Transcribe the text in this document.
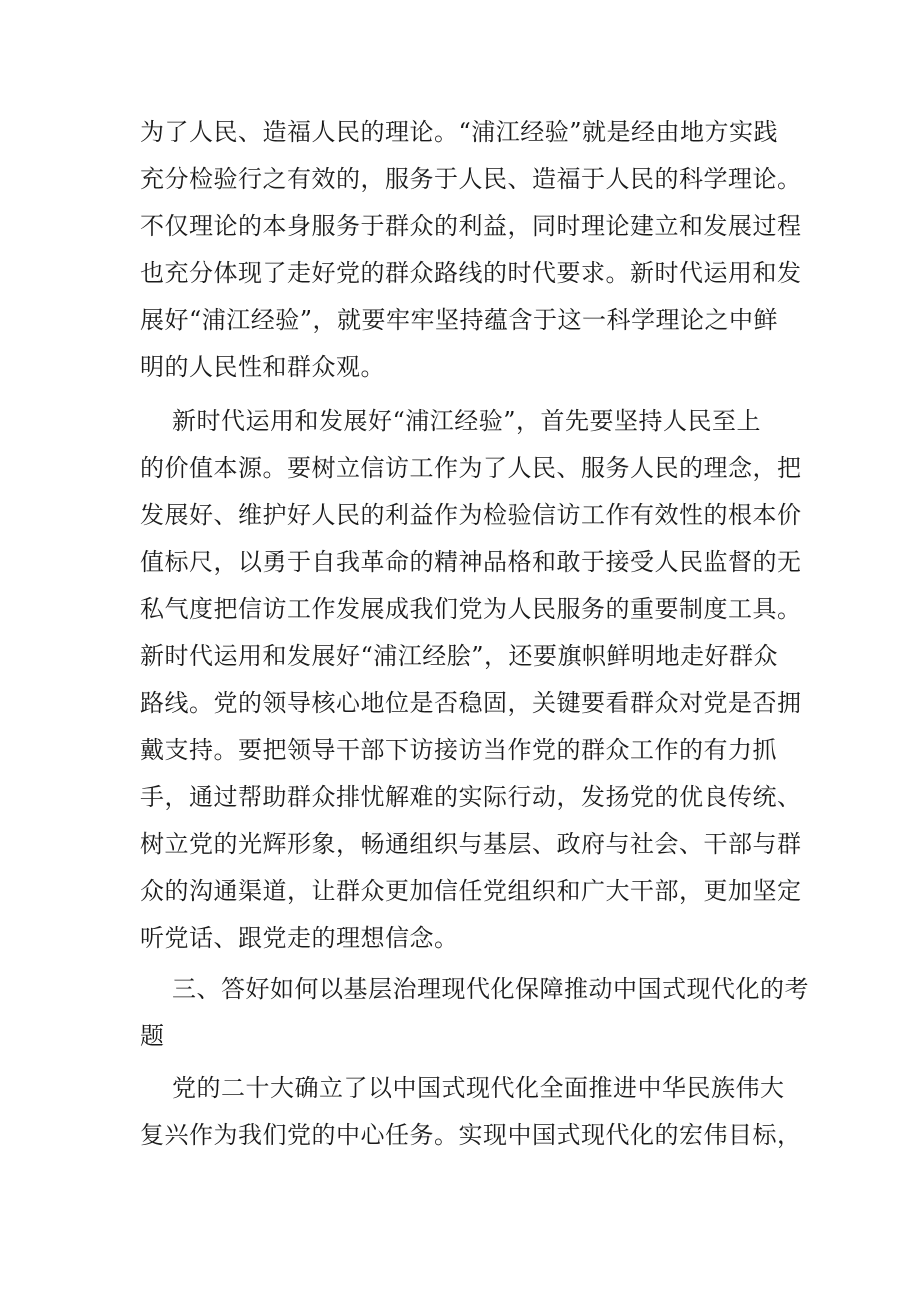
为了人民、造福人民的理论。“浦江经验”就是经由地方实践
充分检验行之有效的，服务于人民、造福于人民的科学理论。
不仅理论的本身服务于群众的利益，同时理论建立和发展过程
也充分体现了走好党的群众路线的时代要求。新时代运用和发
展好“浦江经验”，就要牢牢坚持蕴含于这一科学理论之中鲜
明的人民性和群众观。
新时代运用和发展好“浦江经验”，首先要坚持人民至上
的价值本源。要树立信访工作为了人民、服务人民的理念，把
发展好、维护好人民的利益作为检验信访工作有效性的根本价
值标尺，以勇于自我革命的精神品格和敢于接受人民监督的无
私气度把信访工作发展成我们党为人民服务的重要制度工具。
新时代运用和发展好“浦江经脍”，还要旗帜鲜明地走好群众
路线。党的领导核心地位是否稳固，关键要看群众对党是否拥
戴支持。要把领导干部下访接访当作党的群众工作的有力抓
手，通过帮助群众排忧解难的实际行动，发扬党的优良传统、
树立党的光辉形象，畅通组织与基层、政府与社会、干部与群
众的沟通渠道，让群众更加信任党组织和广大干部，更加坚定
听党话、跟党走的理想信念。
三、答好如何以基层治理现代化保障推动中国式现代化的考
题
党的二十大确立了以中国式现代化全面推进中华民族伟大
复兴作为我们党的中心任务。实现中国式现代化的宏伟目标，
